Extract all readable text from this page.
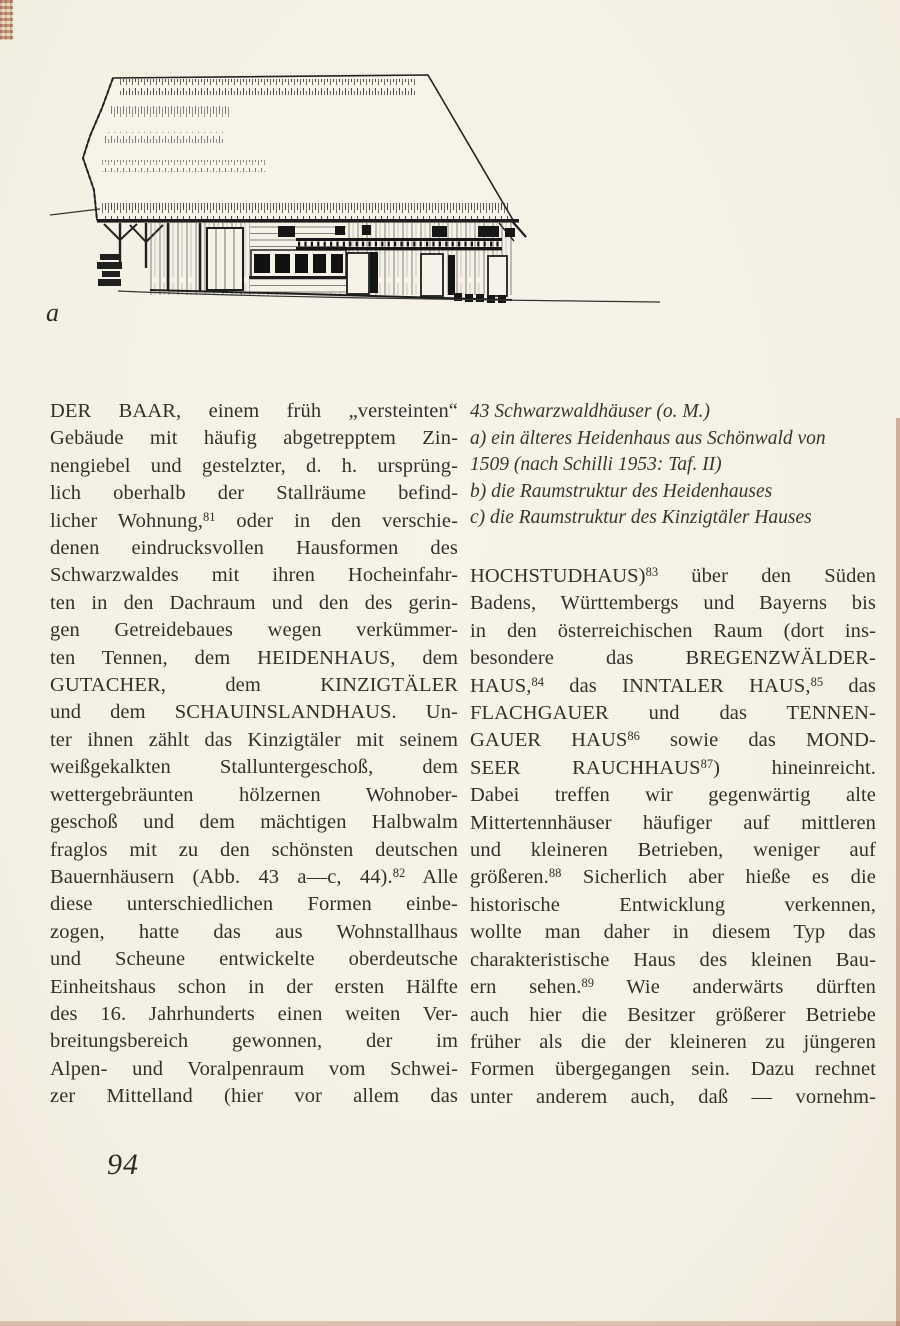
a
DER BAAR, einem früh „versteinten“
Gebäude mit häufig abgetrepptem Zin-
nengiebel und gestelzter, d. h. ursprüng-
lich oberhalb der Stallräume befind-
licher Wohnung,$^{81}$ oder in den verschie-
denen eindrucksvollen Hausformen des
Schwarzwaldes mit ihren Hocheinfahr-
ten in den Dachraum und den des gerin-
gen Getreidebaues wegen verkümmer-
ten Tennen, dem HEIDENHAUS, dem
GUTACHER, dem KINZIGTÄLER
und dem SCHAUINSLANDHAUS. Un-
ter ihnen zählt das Kinzigtäler mit seinem
weißgekalkten Stalluntergeschoß, dem
wettergebräunten hölzernen Wohnober-
geschoß und dem mächtigen Halbwalm
fraglos mit zu den schönsten deutschen
Bauernhäusern (Abb. 43 a—c, 44).$^{82}$ Alle
diese unterschiedlichen Formen einbe-
zogen, hatte das aus Wohnstallhaus
und Scheune entwickelte oberdeutsche
Einheitshaus schon in der ersten Hälfte
des 16. Jahrhunderts einen weiten Ver-
breitungsbereich gewonnen, der im
Alpen- und Voralpenraum vom Schwei-
zer Mittelland (hier vor allem das
43 Schwarzwaldhäuser (o. M.)
a) ein älteres Heidenhaus aus Schönwald von
1509 (nach Schilli 1953: Taf. II)
b) die Raumstruktur des Heidenhauses
c) die Raumstruktur des Kinzigtäler Hauses
HOCHSTUDHAUS)$^{83}$ über den Süden
Badens, Württembergs und Bayerns bis
in den österreichischen Raum (dort ins-
besondere das BREGENZWÄLDER-
HAUS,$^{84}$ das INNTALER HAUS,$^{85}$ das
FLACHGAUER und das TENNEN-
GAUER HAUS$^{86}$ sowie das MOND-
SEER RAUCHHAUS$^{87}$) hineinreicht.
Dabei treffen wir gegenwärtig alte
Mittertennhäuser häufiger auf mittleren
und kleineren Betrieben, weniger auf
größeren.$^{88}$ Sicherlich aber hieße es die
historische Entwicklung verkennen,
wollte man daher in diesem Typ das
charakteristische Haus des kleinen Bau-
ern sehen.$^{89}$ Wie anderwärts dürften
auch hier die Besitzer größerer Betriebe
früher als die der kleineren zu jüngeren
Formen übergegangen sein. Dazu rechnet
unter anderem auch, daß — vornehm-
94
